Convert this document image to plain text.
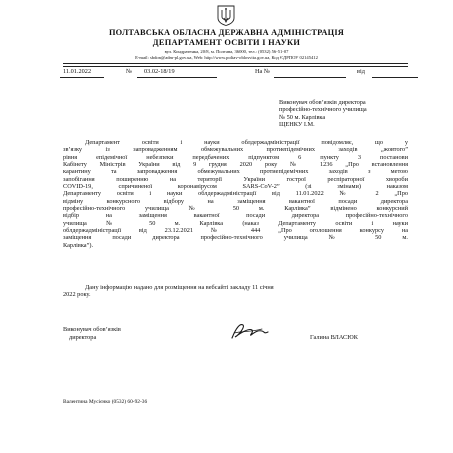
ПОЛТАВСЬКА ОБЛАСНА ДЕРЖАВНА АДМІНІСТРАЦІЯ
ДЕПАРТАМЕНТ ОСВІТИ І НАУКИ
вул. Кондратенка, 20/8, м. Полтава, 36000, тел.: (0532) 56-51-07
E-mail: sbdon@adm-pl.gov.ua, Web: http://www.poltav-oblosvita.gov.ua, Код ЄДРПОУ 02145412
11.01.2022	№ 03.02-18/19	На №	від
Виконувач обов’язків директора
професійно-технічного училища
№ 50 м. Карлівка
ЩЕНКУ І.М.
Департамент освіти і науки облдержадміністрації повідомляє, що у
зв’язку із запровадженням обмежувальних протиепідемічних заходів „жовтого”
рівня епідемічної небезпеки передбачених підпунктом 6 пункту 3 постанови
Кабінету Міністрів України від 9 грудня 2020 року № 1236 „Про встановлення
карантину та запровадження обмежувальних протиепідемічних заходів з метою
запобігання поширенню на території України гострої респіраторної хвороби
COVID-19, спричиненої коронавірусом SARS-CoV-2” (зі змінами) наказом
Департаменту освіти і науки облдержадміністрації від 11.01.2022 № 2 „Про
відміну конкурсного відбору на заміщення вакантної посади директора
професійно-технічного училища № 50 м. Карлівка” відмінено конкурсний
відбір на заміщення вакантної посади директора професійно-технічного
училища № 50 м. Карлівка (наказ Департаменту освіти і науки
облдержадміністрації від 23.12.2021 № 444 „Про оголошення конкурсу на
заміщення посади директора професійно-технічного училища № 50 м.
Карлівка”).
Дану інформацію надано для розміщення на вебсайті закладу 11 січня
2022 року.
Виконувач обов’язків
директора	Галина ВЛАСЮК
Валентина Мусієнко (0532) 60-92-36
